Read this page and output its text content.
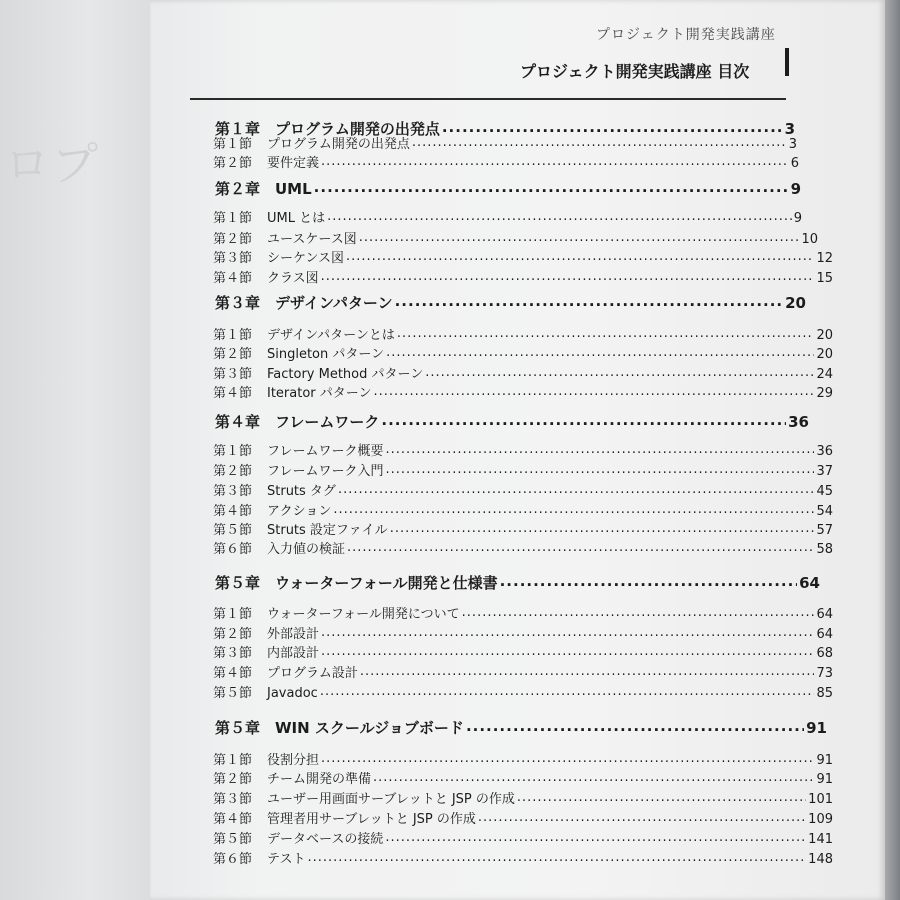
ロプ
プロジェクト開発実践講座
プロジェクト開発実践講座 目次
第１章 プログラム開発の出発点 .....	3
第１節 プログラム開発の出発点 .....	3
第２節 要件定義 .....	6
第２章 UML .....	9
第１節 UML とは .....	9
第２節 ユースケース図 .....	10
第３節 シーケンス図 .....	12
第４節 クラス図 .....	15
第３章 デザインパターン .....	20
第１節 デザインパターンとは .....	20
第２節 Singleton パターン .....	20
第３節 Factory Method パターン .....	24
第４節 Iterator パターン .....	29
第４章 フレームワーク .....	36
第１節 フレームワーク概要 .....	36
第２節 フレームワーク入門 .....	37
第３節 Struts タグ .....	45
第４節 アクション .....	54
第５節 Struts 設定ファイル .....	57
第６節 入力値の検証 .....	58
第５章 ウォーターフォール開発と仕様書 .....	64
第１節 ウォーターフォール開発について .....	64
第２節 外部設計 .....	64
第３節 内部設計 .....	68
第４節 プログラム設計 .....	73
第５節 Javadoc .....	85
第５章 WIN スクールジョブボード .....	91
第１節 役割分担 .....	91
第２節 チーム開発の準備 .....	91
第３節 ユーザー用画面サーブレットと JSP の作成 .....	101
第４節 管理者用サーブレットと JSP の作成 .....	109
第５節 データベースの接続 .....	141
第６節 テスト .....	148
